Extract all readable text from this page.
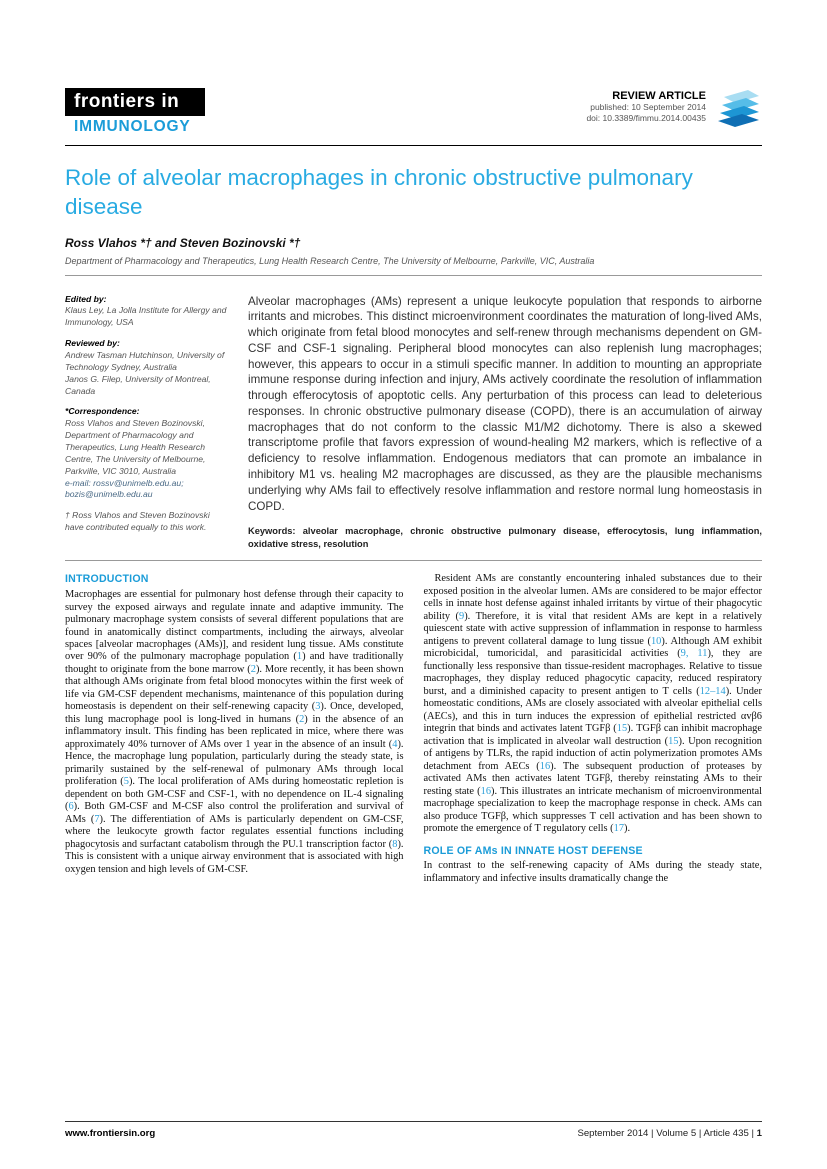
frontiers in
IMMUNOLOGY
REVIEW ARTICLE
published: 10 September 2014
doi: 10.3389/fimmu.2014.00435
Role of alveolar macrophages in chronic obstructive pulmonary disease
Ross Vlahos *† and Steven Bozinovski *†
Department of Pharmacology and Therapeutics, Lung Health Research Centre, The University of Melbourne, Parkville, VIC, Australia
Edited by:
Klaus Ley, La Jolla Institute for Allergy and Immunology, USA
Reviewed by:
Andrew Tasman Hutchinson, University of Technology Sydney, Australia
Janos G. Filep, University of Montreal, Canada
*Correspondence:
Ross Vlahos and Steven Bozinovski, Department of Pharmacology and Therapeutics, Lung Health Research Centre, The University of Melbourne, Parkville, VIC 3010, Australia
e-mail: rossv@unimelb.edu.au; bozis@unimelb.edu.au
† Ross Vlahos and Steven Bozinovski have contributed equally to this work.

Alveolar macrophages (AMs) represent a unique leukocyte population that responds to airborne irritants and microbes. This distinct microenvironment coordinates the maturation of long-lived AMs, which originate from fetal blood monocytes and self-renew through mechanisms dependent on GM-CSF and CSF-1 signaling. Peripheral blood monocytes can also replenish lung macrophages; however, this appears to occur in a stimuli specific manner. In addition to mounting an appropriate immune response during infection and injury, AMs actively coordinate the resolution of inflammation through efferocytosis of apoptotic cells. Any perturbation of this process can lead to deleterious responses. In chronic obstructive pulmonary disease (COPD), there is an accumulation of airway macrophages that do not conform to the classic M1/M2 dichotomy. There is also a skewed transcriptome profile that favors expression of wound-healing M2 markers, which is reflective of a deficiency to resolve inflammation. Endogenous mediators that can promote an imbalance in inhibitory M1 vs. healing M2 macrophages are discussed, as they are the plausible mechanisms underlying why AMs fail to effectively resolve inflammation and restore normal lung homeostasis in COPD.

Keywords: alveolar macrophage, chronic obstructive pulmonary disease, efferocytosis, lung inflammation, oxidative stress, resolution

INTRODUCTION

Macrophages are essential for pulmonary host defense through their capacity to survey the exposed airways and regulate innate and adaptive immunity. The pulmonary macrophage system consists of several different populations that are found in anatomically distinct compartments, including the airways, alveolar spaces [alveolar macrophages (AMs)], and resident lung tissue. AMs constitute over 90% of the pulmonary macrophage population (1) and have traditionally thought to originate from the bone marrow (2). More recently, it has been shown that although AMs originate from fetal blood monocytes within the first week of life via GM-CSF dependent mechanisms, maintenance of this population during homeostasis is dependent on their self-renewing capacity (3). Once, developed, this lung macrophage pool is long-lived in humans (2) in the absence of an inflammatory insult. This finding has been replicated in mice, where there was approximately 40% turnover of AMs over 1 year in the absence of an insult (4). Hence, the macrophage lung population, particularly during the steady state, is primarily sustained by the self-renewal of pulmonary AMs through local proliferation (5). The local proliferation of AMs during homeostatic repletion is dependent on both GM-CSF and CSF-1, with no dependence on IL-4 signaling (6). Both GM-CSF and M-CSF also control the proliferation and survival of AMs (7). The differentiation of AMs is particularly dependent on GM-CSF, where the leukocyte growth factor regulates essential functions including phagocytosis and surfactant catabolism through the PU.1 transcription factor (8). This is consistent with a unique airway environment that is associated with high oxygen tension and high levels of GM-CSF.

Resident AMs are constantly encountering inhaled substances due to their exposed position in the alveolar lumen. AMs are considered to be major effector cells in innate host defense against inhaled irritants by virtue of their phagocytic ability (9). Therefore, it is vital that resident AMs are kept in a relatively quiescent state with active suppression of inflammation in response to harmless antigens to prevent collateral damage to lung tissue (10). Although AM exhibit microbicidal, tumoricidal, and parasiticidal activities (9, 11), they are functionally less responsive than tissue-resident macrophages. Relative to tissue macrophages, they display reduced phagocytic capacity, reduced respiratory burst, and a diminished capacity to present antigen to T cells (12–14). Under homeostatic conditions, AMs are closely associated with alveolar epithelial cells (AECs), and this in turn induces the expression of epithelial restricted αvβ6 integrin that binds and activates latent TGFβ (15). TGFβ can inhibit macrophage activation that is implicated in alveolar wall destruction (15). Upon recognition of antigens by TLRs, the rapid induction of actin polymerization promotes AMs detachment from AECs (16). The subsequent production of proteases by activated AMs then activates latent TGFβ, thereby reinstating AMs to their resting state (16). This illustrates an intricate mechanism of microenvironmental macrophage specialization to keep the macrophage response in check. AMs can also produce TGFβ, which suppresses T cell activation and has been shown to promote the emergence of T regulatory cells (17).

ROLE OF AMs IN INNATE HOST DEFENSE

In contrast to the self-renewing capacity of AMs during the steady state, inflammatory and infective insults dramatically change the

www.frontiersin.org	September 2014 | Volume 5 | Article 435 | 1
